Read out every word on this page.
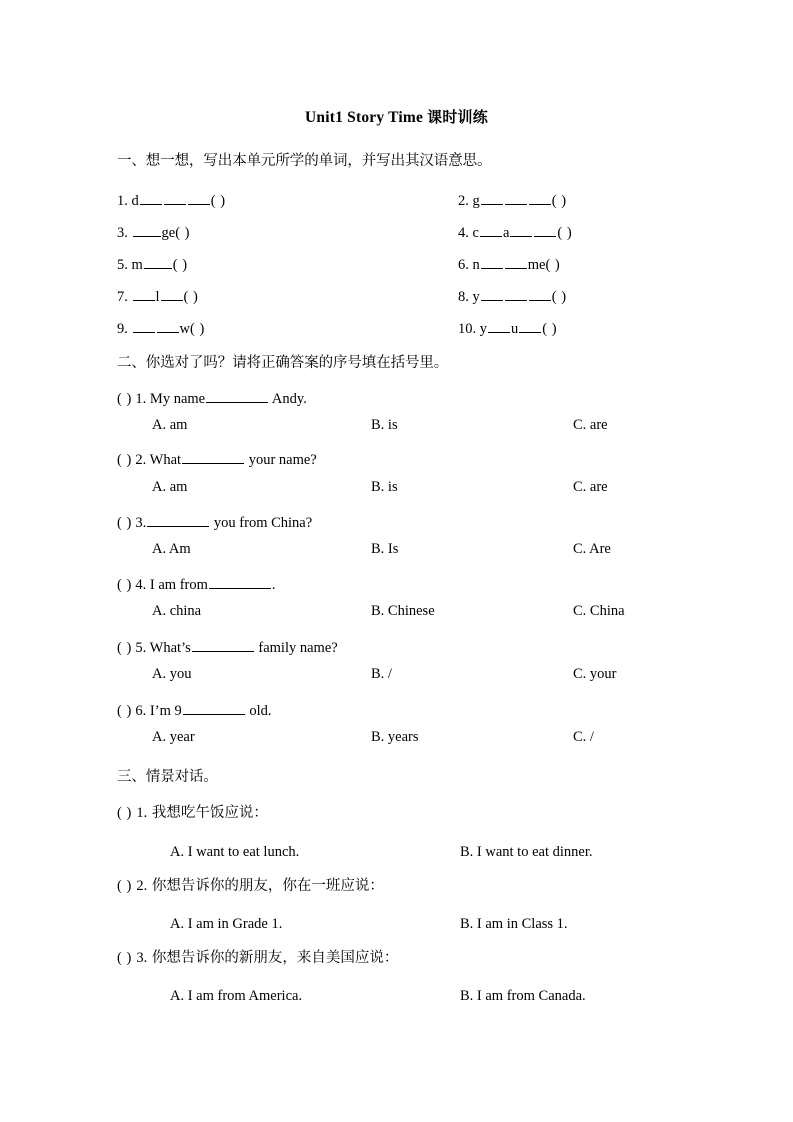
Unit1 Story Time 课时训练
一、想一想，写出本单元所学的单词，并写出其汉语意思。
1. d	( )	2. g	( )
3. ge( )	4. c a	( )
5. m ( )	6. n	me( )
7. l ( )	8. y	( )
9.	w( )	10. y u ( )
二、你选对了吗？请将正确答案的序号填在括号里。
( ) 1. My name	Andy.
A. am	B. is	C. are
( ) 2. What	your name?
A. am	B. is	C. are
( ) 3.	you from China?
A. Am	B. Is	C. Are
( ) 4. I am from	.
A. china	B. Chinese	C. China
( ) 5. What’s	family name?
A. you	B. /	C. your
( ) 6. I’m 9	old.
A. year	B. years	C. /
三、情景对话。
( ) 1. 我想吃午饭应说：
A. I want to eat lunch.	B. I want to eat dinner.
( ) 2. 你想告诉你的朋友，你在一班应说：
A. I am in Grade 1.	B. I am in Class 1.
( ) 3. 你想告诉你的新朋友，来自美国应说：
A. I am from America.	B. I am from Canada.
